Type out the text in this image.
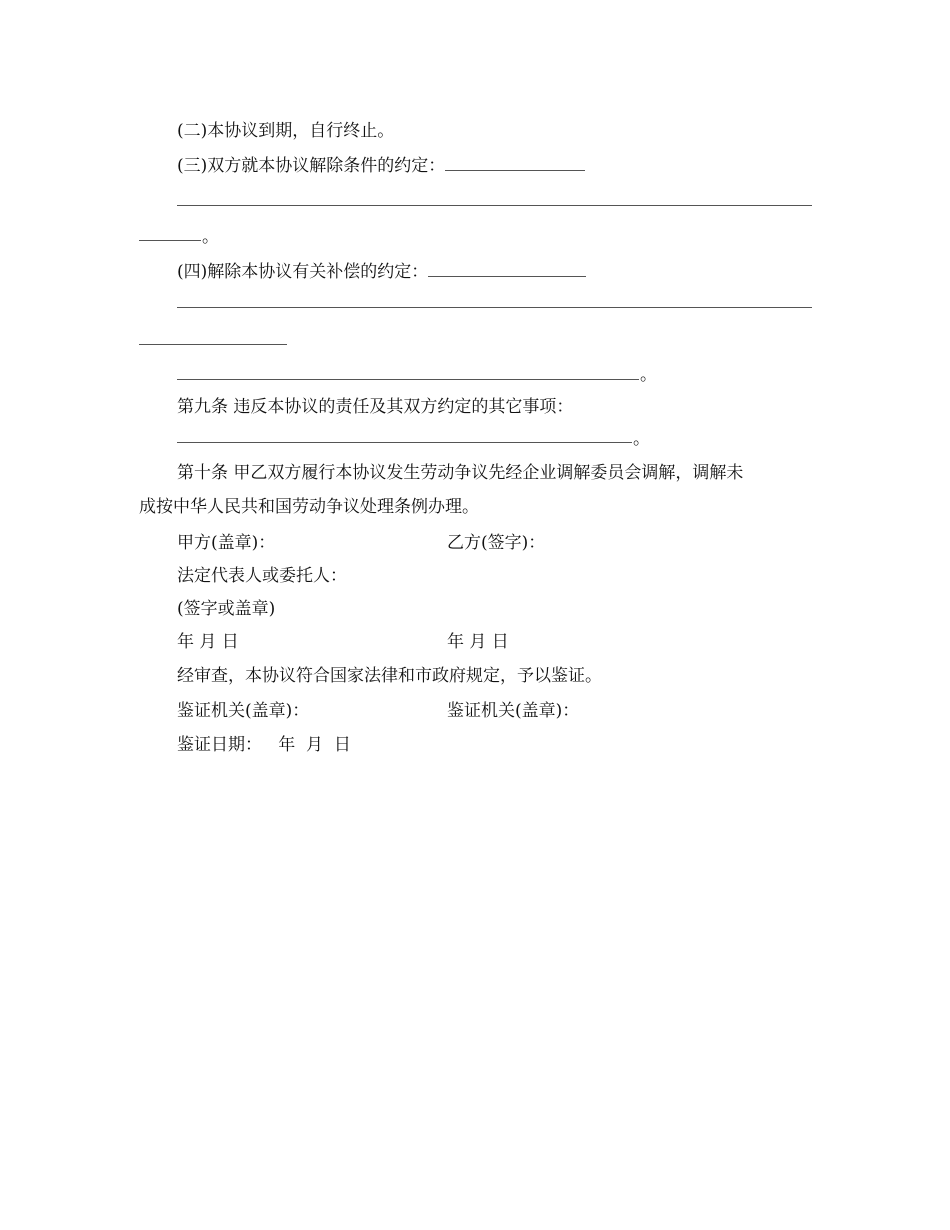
(二)本协议到期，自行终止。
(三)双方就本协议解除条件的约定：
。
(四)解除本协议有关补偿的约定：
。
第九条 违反本协议的责任及其双方约定的其它事项：
。
第十条 甲乙双方履行本协议发生劳动争议先经企业调解委员会调解，调解未
成按中华人民共和国劳动争议处理条例办理。
甲方(盖章)：	乙方(签字)：
法定代表人或委托人：
(签字或盖章)
年 月 日	年 月 日
经审查，本协议符合国家法律和市政府规定，予以鉴证。
鉴证机关(盖章)：	鉴证机关(盖章)：
鉴证日期：   年  月  日
